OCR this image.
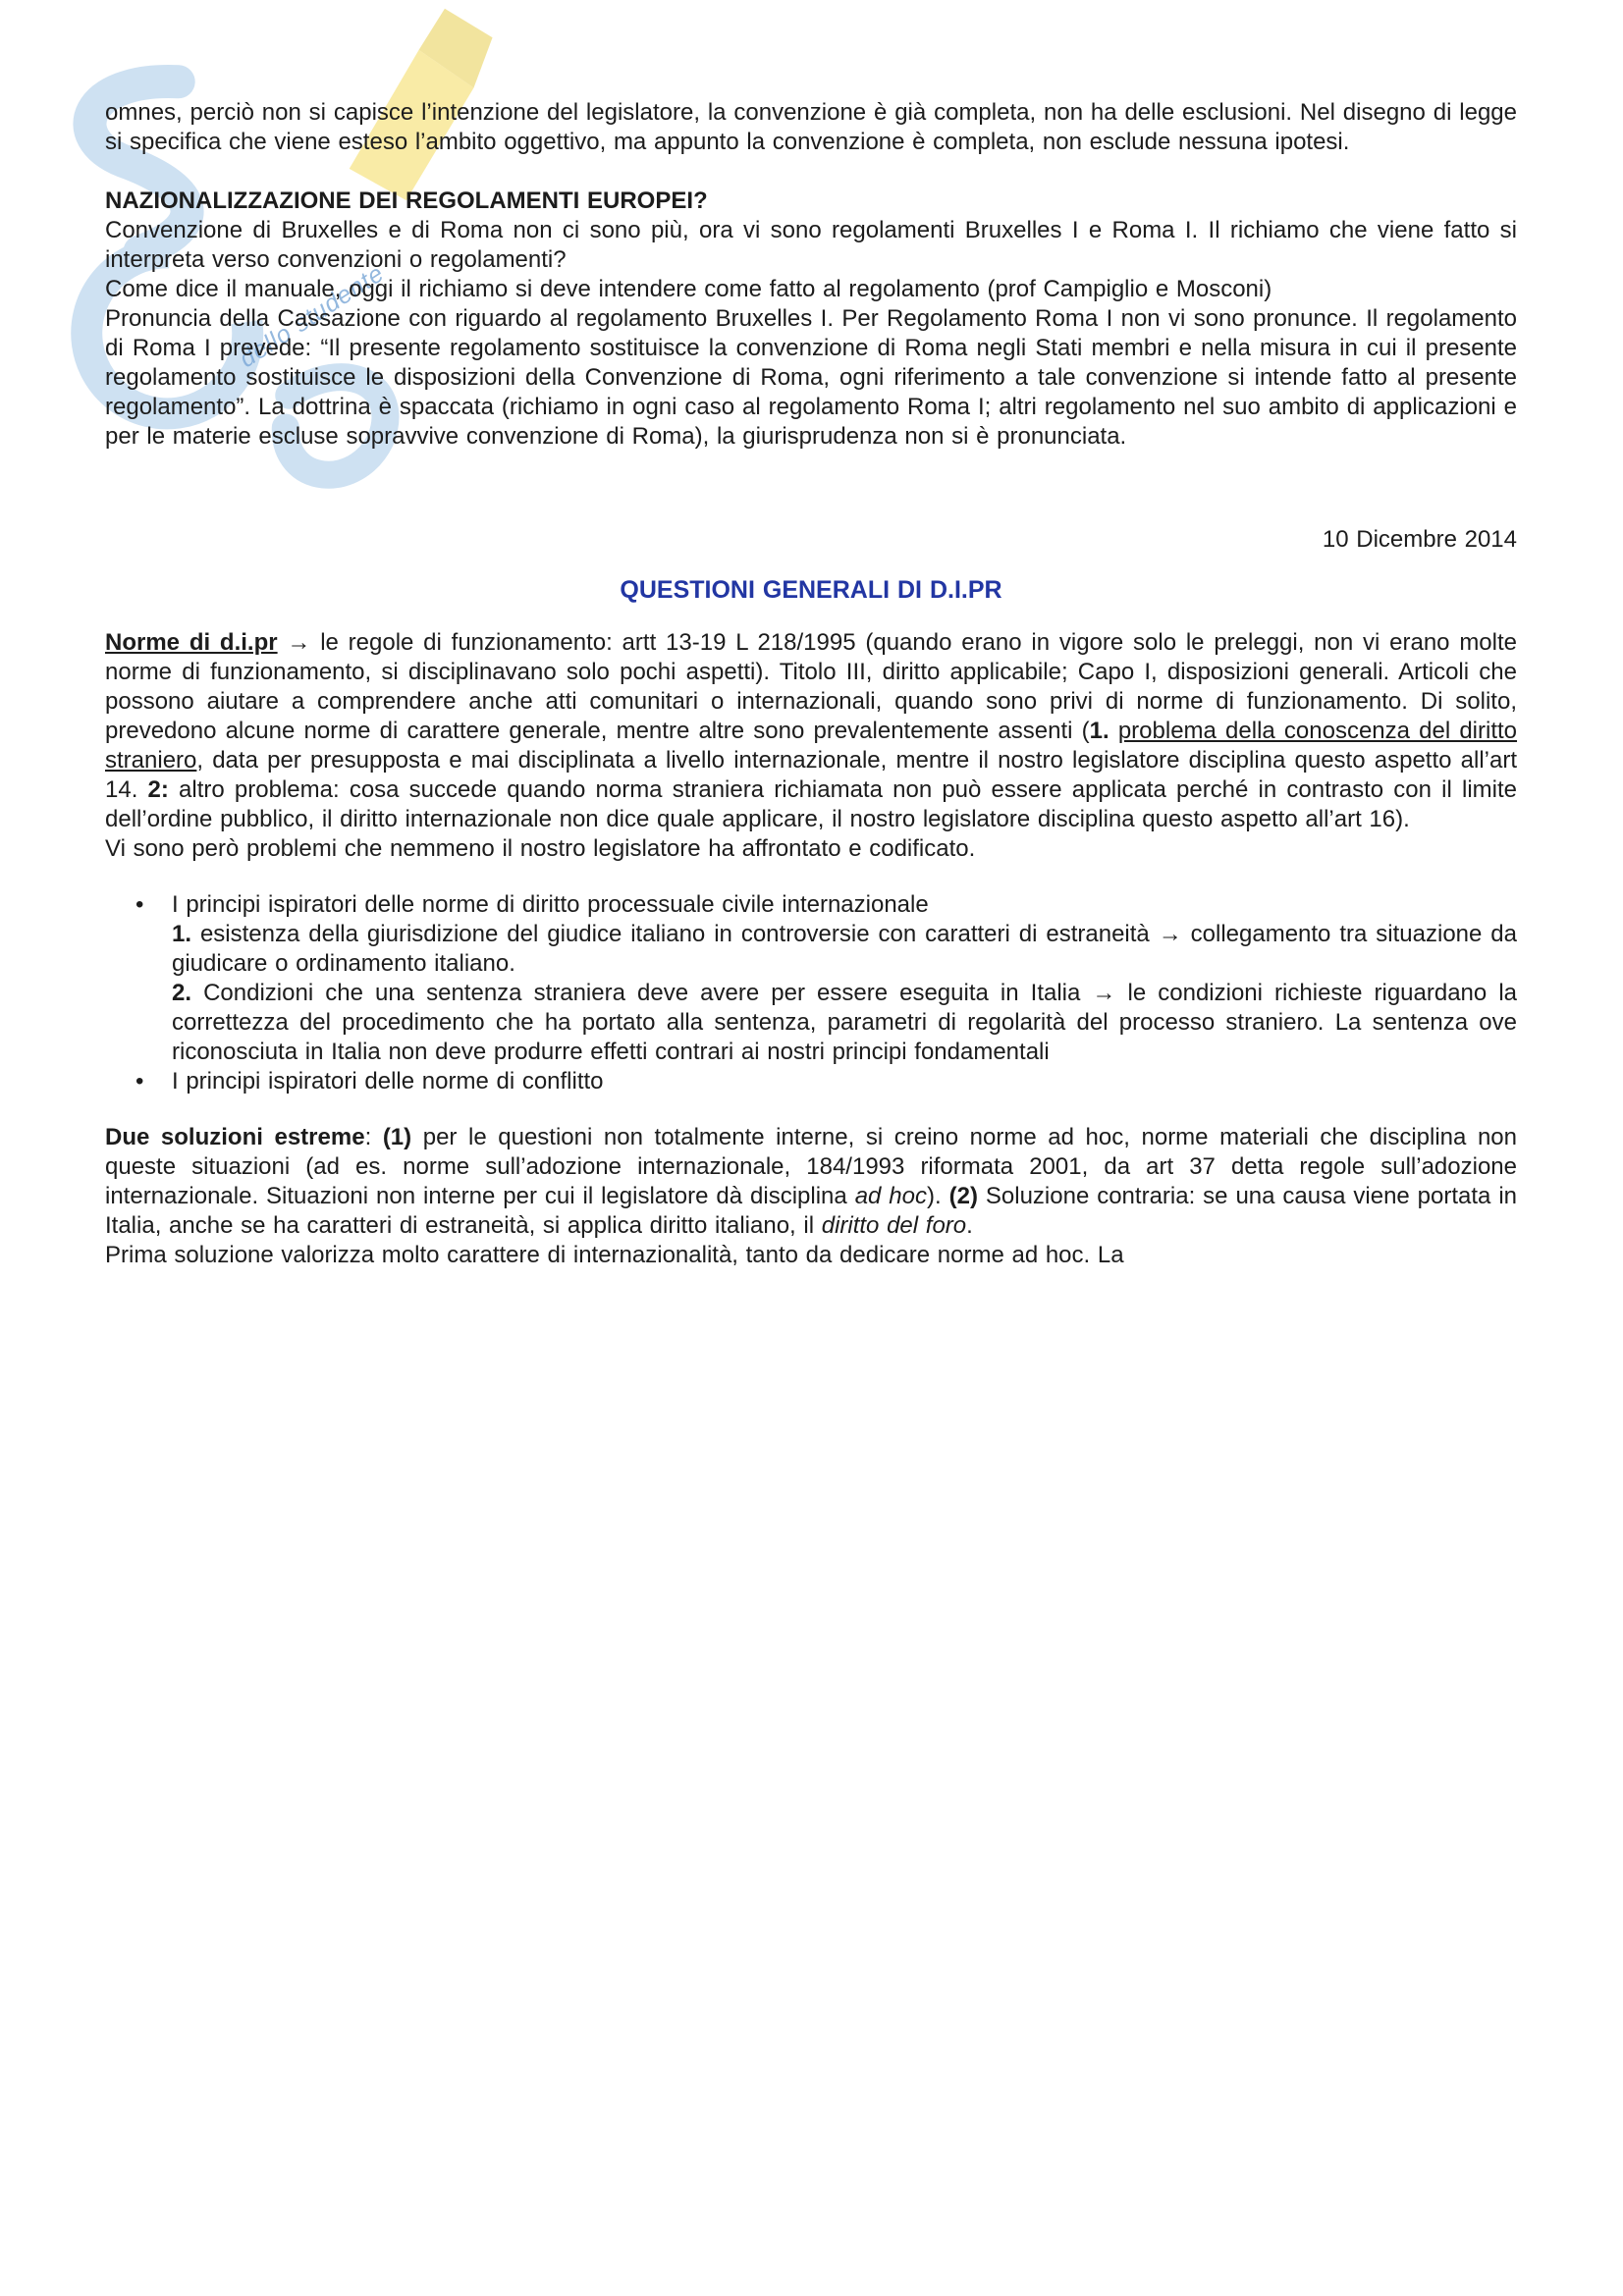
dello studente
omnes, perciò non si capisce l’intenzione del legislatore, la convenzione è già completa, non ha delle esclusioni. Nel disegno di legge si specifica che viene esteso l’ambito oggettivo, ma appunto la convenzione è completa, non esclude nessuna ipotesi.
NAZIONALIZZAZIONE DEI REGOLAMENTI EUROPEI?
Convenzione di Bruxelles e di Roma non ci sono più, ora vi sono regolamenti Bruxelles I e Roma I. Il richiamo che viene fatto si interpreta verso convenzioni o regolamenti?
Come dice il manuale, oggi il richiamo si deve intendere come fatto al regolamento (prof Campiglio e Mosconi)
Pronuncia della Cassazione con riguardo al regolamento Bruxelles I. Per Regolamento Roma I non vi sono pronunce. Il regolamento di Roma I prevede: “Il presente regolamento sostituisce la convenzione di Roma negli Stati membri e nella misura in cui il presente regolamento sostituisce le disposizioni della Convenzione di Roma, ogni riferimento a tale convenzione si intende fatto al presente regolamento”. La dottrina è spaccata (richiamo in ogni caso al regolamento Roma I; altri regolamento nel suo ambito di applicazioni e per le materie escluse sopravvive convenzione di Roma), la giurisprudenza non si è pronunciata.
10 Dicembre 2014
QUESTIONI GENERALI DI D.I.PR
Norme di d.i.pr → le regole di funzionamento: artt 13-19 L 218/1995 (quando erano in vigore solo le preleggi, non vi erano molte norme di funzionamento, si disciplinavano solo pochi aspetti). Titolo III, diritto applicabile; Capo I, disposizioni generali. Articoli che possono aiutare a comprendere anche atti comunitari o internazionali, quando sono privi di norme di funzionamento. Di solito, prevedono alcune norme di carattere generale, mentre altre sono prevalentemente assenti (1. problema della conoscenza del diritto straniero, data per presupposta e mai disciplinata a livello internazionale, mentre il nostro legislatore disciplina questo aspetto all’art 14. 2: altro problema: cosa succede quando norma straniera richiamata non può essere applicata perché in contrasto con il limite dell’ordine pubblico, il diritto internazionale non dice quale applicare, il nostro legislatore disciplina questo aspetto all’art 16).
Vi sono però problemi che nemmeno il nostro legislatore ha affrontato e codificato.
• I principi ispiratori delle norme di diritto processuale civile internazionale
1. esistenza della giurisdizione del giudice italiano in controversie con caratteri di estraneità → collegamento tra situazione da giudicare o ordinamento italiano.
2. Condizioni che una sentenza straniera deve avere per essere eseguita in Italia → le condizioni richieste riguardano la correttezza del procedimento che ha portato alla sentenza, parametri di regolarità del processo straniero. La sentenza ove riconosciuta in Italia non deve produrre effetti contrari ai nostri principi fondamentali
• I principi ispiratori delle norme di conflitto
Due soluzioni estreme: (1) per le questioni non totalmente interne, si creino norme ad hoc, norme materiali che disciplina non queste situazioni (ad es. norme sull’adozione internazionale, 184/1993 riformata 2001, da art 37 detta regole sull’adozione internazionale. Situazioni non interne per cui il legislatore dà disciplina ad hoc). (2) Soluzione contraria: se una causa viene portata in Italia, anche se ha caratteri di estraneità, si applica diritto italiano, il diritto del foro.
Prima soluzione valorizza molto carattere di internazionalità, tanto da dedicare norme ad hoc. La
